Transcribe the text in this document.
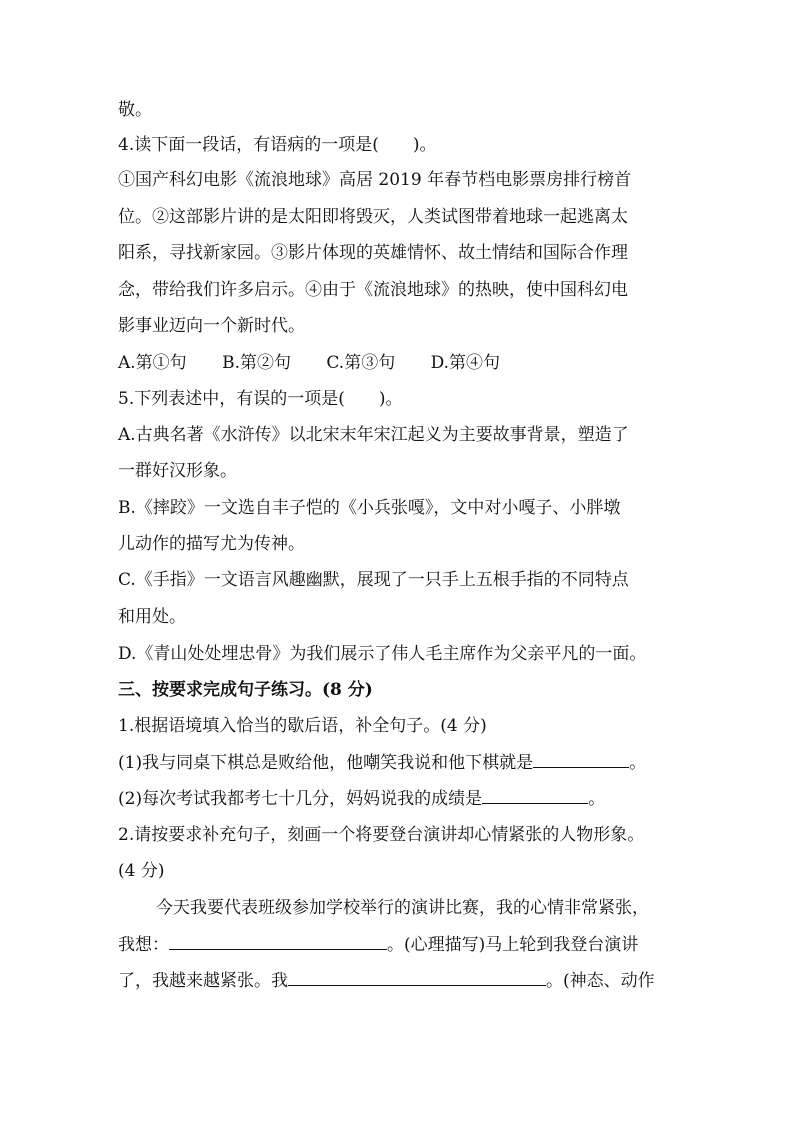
敬。
4.读下面一段话，有语病的一项是(　　)。
①国产科幻电影《流浪地球》高居 2019 年春节档电影票房排行榜首
位。②这部影片讲的是太阳即将毁灭，人类试图带着地球一起逃离太
阳系，寻找新家园。③影片体现的英雄情怀、故土情结和国际合作理
念，带给我们许多启示。④由于《流浪地球》的热映，使中国科幻电
影事业迈向一个新时代。
A.第①句 B.第②句 C.第③句 D.第④句
5.下列表述中，有误的一项是(　　)。
A.古典名著《水浒传》以北宋末年宋江起义为主要故事背景，塑造了
一群好汉形象。
B.《摔跤》一文选自丰子恺的《小兵张嘎》，文中对小嘎子、小胖墩
儿动作的描写尤为传神。
C.《手指》一文语言风趣幽默，展现了一只手上五根手指的不同特点
和用处。
D.《青山处处埋忠骨》为我们展示了伟人毛主席作为父亲平凡的一面。
三、按要求完成句子练习。(8 分)
1.根据语境填入恰当的歇后语，补全句子。(4 分)
(1)我与同桌下棋总是败给他，他嘲笑我说和他下棋就是	。
(2)每次考试我都考七十几分，妈妈说我的成绩是	。
2.请按要求补充句子，刻画一个将要登台演讲却心情紧张的人物形象。
(4 分)
今天我要代表班级参加学校举行的演讲比赛，我的心情非常紧张，
我想：	。(心理描写)马上轮到我登台演讲
了，我越来越紧张。我	。(神态、动作
